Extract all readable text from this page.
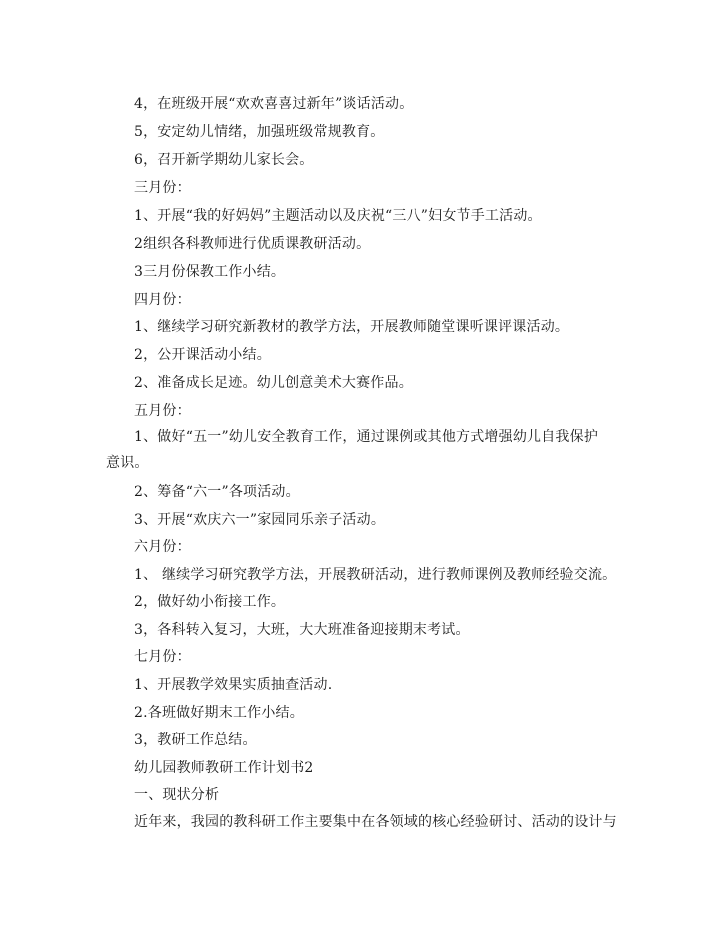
4，在班级开展“欢欢喜喜过新年”谈话活动。
5，安定幼儿情绪，加强班级常规教育。
6，召开新学期幼儿家长会。
三月份：
1、开展“我的好妈妈”主题活动以及庆祝“三八”妇女节手工活动。
2组织各科教师进行优质课教研活动。
3三月份保教工作小结。
四月份：
1、继续学习研究新教材的教学方法，开展教师随堂课听课评课活动。
2，公开课活动小结。
2、准备成长足迹。幼儿创意美术大赛作品。
五月份：
1、做好“五一”幼儿安全教育工作，通过课例或其他方式增强幼儿自我保护
意识。
2、筹备“六一”各项活动。
3、开展“欢庆六一”家园同乐亲子活动。
六月份：
1、 继续学习研究教学方法，开展教研活动，进行教师课例及教师经验交流。
2，做好幼小衔接工作。
3，各科转入复习，大班，大大班准备迎接期末考试。
七月份：
1、开展教学效果实质抽查活动.
2.各班做好期末工作小结。
3，教研工作总结。
幼儿园教师教研工作计划书2
一、现状分析
近年来，我园的教科研工作主要集中在各领域的核心经验研讨、活动的设计与
